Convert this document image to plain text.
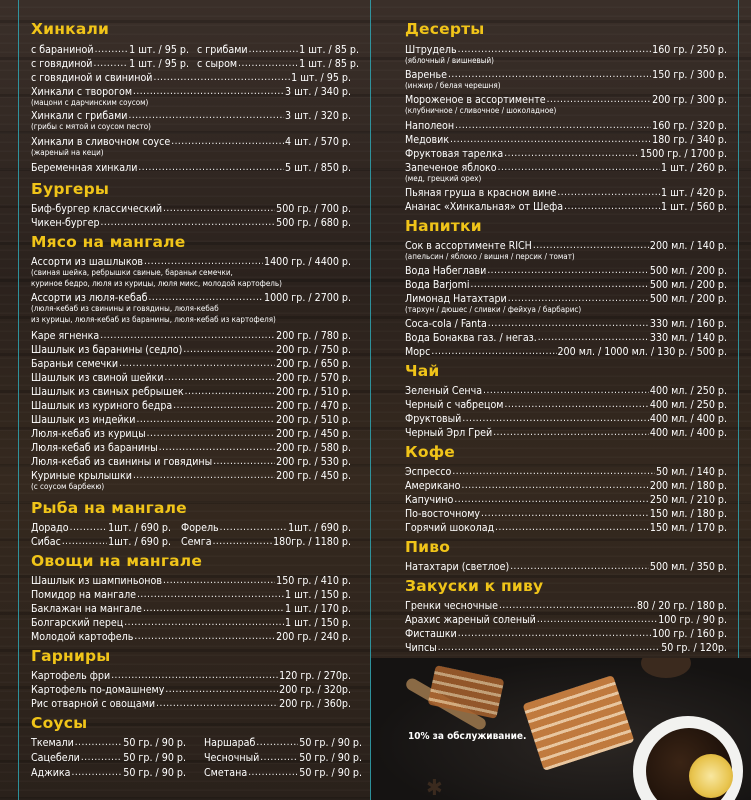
Хинкали
с бараниной .....	1 шт. / 95 р. с грибами .....	1 шт. / 85 р.
с говядиной .....	1 шт. / 95 р. с сыром .....	1 шт. / 85 р.
с говядиной и свининой .....	1 шт. / 95 р.
Хинкали с творогом .....	3 шт. / 340 р.
(мацони с дарчинским соусом)
Хинкали с грибами .....	3 шт. / 320 р.
(грибы с мятой и соусом песто)
Хинкали в сливочном соусе .....	4 шт. / 570 р.
(жареный на кеци)
Беременная хинкали .....	5 шт. / 850 р.
Бургеры
Биф-бургер классический .....	500 гр. / 700 р.
Чикен-бургер .....	500 гр. / 680 р.
Мясо на мангале
Ассорти из шашлыков .....	1400 гр. / 4400 р.
(свиная шейка, ребрышки свиные, бараньи семечки,
куриное бедро, люля из курицы, люля микс, молодой картофель)
Ассорти из люля-кебаб .....	1000 гр. / 2700 р.
(люля-кебаб из свинины и говядины, люля-кебаб
из курицы, люля-кебаб из баранины, люля-кебаб из картофеля)
Каре ягненка .....	200 гр. / 780 р.
Шашлык из баранины (седло) .....	200 гр. / 750 р.
Бараньи семечки .....	200 гр. / 650 р.
Шашлык из свиной шейки .....	200 гр. / 570 р.
Шашлык из свиных ребрышек .....	200 гр. / 510 р.
Шашлык из куриного бедра .....	200 гр. / 470 р.
Шашлык из индейки .....	200 гр. / 510 р.
Люля-кебаб из курицы .....	200 гр. / 450 р.
Люля-кебаб из баранины .....	200 гр. / 580 р.
Люля-кебаб из свинины и говядины .....	200 гр. / 530 р.
Куриные крылышки .....	200 гр. / 450 р.
(с соусом барбекю)
Рыба на мангале
Дорадо .....	1шт. / 690 р. Форель .....	1шт. / 690 р.
Сибас .....	1шт. / 690 р. Семга .....	180гр. / 1180 р.
Овощи на мангале
Шашлык из шампиньонов .....	150 гр. / 410 р.
Помидор на мангале .....	1 шт. / 150 р.
Баклажан на мангале .....	1 шт. / 170 р.
Болгарский перец .....	1 шт. / 150 р.
Молодой картофель .....	200 гр. / 240 р.
Гарниры
Картофель фри .....	120 гр. / 270р.
Картофель по-домашнему .....	200 гр. / 320р.
Рис отварной с овощами .....	200 гр. / 360р.
Соусы
Ткемали .....	50 гр. / 90 р. Наршараб .....	50 гр. / 90 р.
Сацебели .....	50 гр. / 90 р. Чесночный .....	50 гр. / 90 р.
Аджика .....	50 гр. / 90 р. Сметана .....	50 гр. / 90 р.
Десерты
Штрудель .....	160 гр. / 250 р.
(яблочный / вишневый)
Варенье .....	150 гр. / 300 р.
(инжир / белая черешня)
Мороженое в ассортименте .....	200 гр. / 300 р.
(клубничное / сливочное / шоколадное)
Наполеон .....	160 гр. / 320 р.
Медовик .....	180 гр. / 340 р.
Фруктовая тарелка .....	1500 гр. / 1700 р.
Запеченое яблоко .....	1 шт. / 260 р.
(мед, грецкий орех)
Пьяная груша в красном вине .....	1 шт. / 420 р.
Ананас «Хинкальная» от Шефа .....	1 шт. / 560 р.
Напитки
Сок в ассортименте RICH .....	200 мл. / 140 р.
(апельсин / яблоко / вишня / персик / томат)
Вода Набеглави .....	500 мл. / 200 р.
Вода Barjomi .....	500 мл. / 200 р.
Лимонад Натахтари .....	500 мл. / 200 р.
(тархун / дюшес / сливки / фейхуа / барбарис)
Coca-cola / Fanta .....	330 мл. / 160 р.
Вода Бонаква газ. / негаз. .....	330 мл. / 140 р.
Морс .....	200 мл. / 1000 мл. / 130 р. / 500 р.
Чай
Зеленый Сенча .....	400 мл. / 250 р.
Черный с чабрецом .....	400 мл. / 250 р.
Фруктовый .....	400 мл. / 400 р.
Черный Эрл Грей .....	400 мл. / 400 р.
Кофе
Эспрессо .....	50 мл. / 140 р.
Американо .....	200 мл. / 180 р.
Капучино .....	250 мл. / 210 р.
По-восточному .....	150 мл. / 180 р.
Горячий шоколад .....	150 мл. / 170 р.
Пиво
Натахтари (светлое) .....	500 мл. / 350 р.
Закуски к пиву
Гренки чесночные .....	80 / 20 гр. / 180 р.
Арахис жареный соленый .....	100 гр. / 90 р.
Фисташки .....	100 гр. / 160 р.
Чипсы .....	50 гр. / 120р.
✱
10% за обслуживание.
